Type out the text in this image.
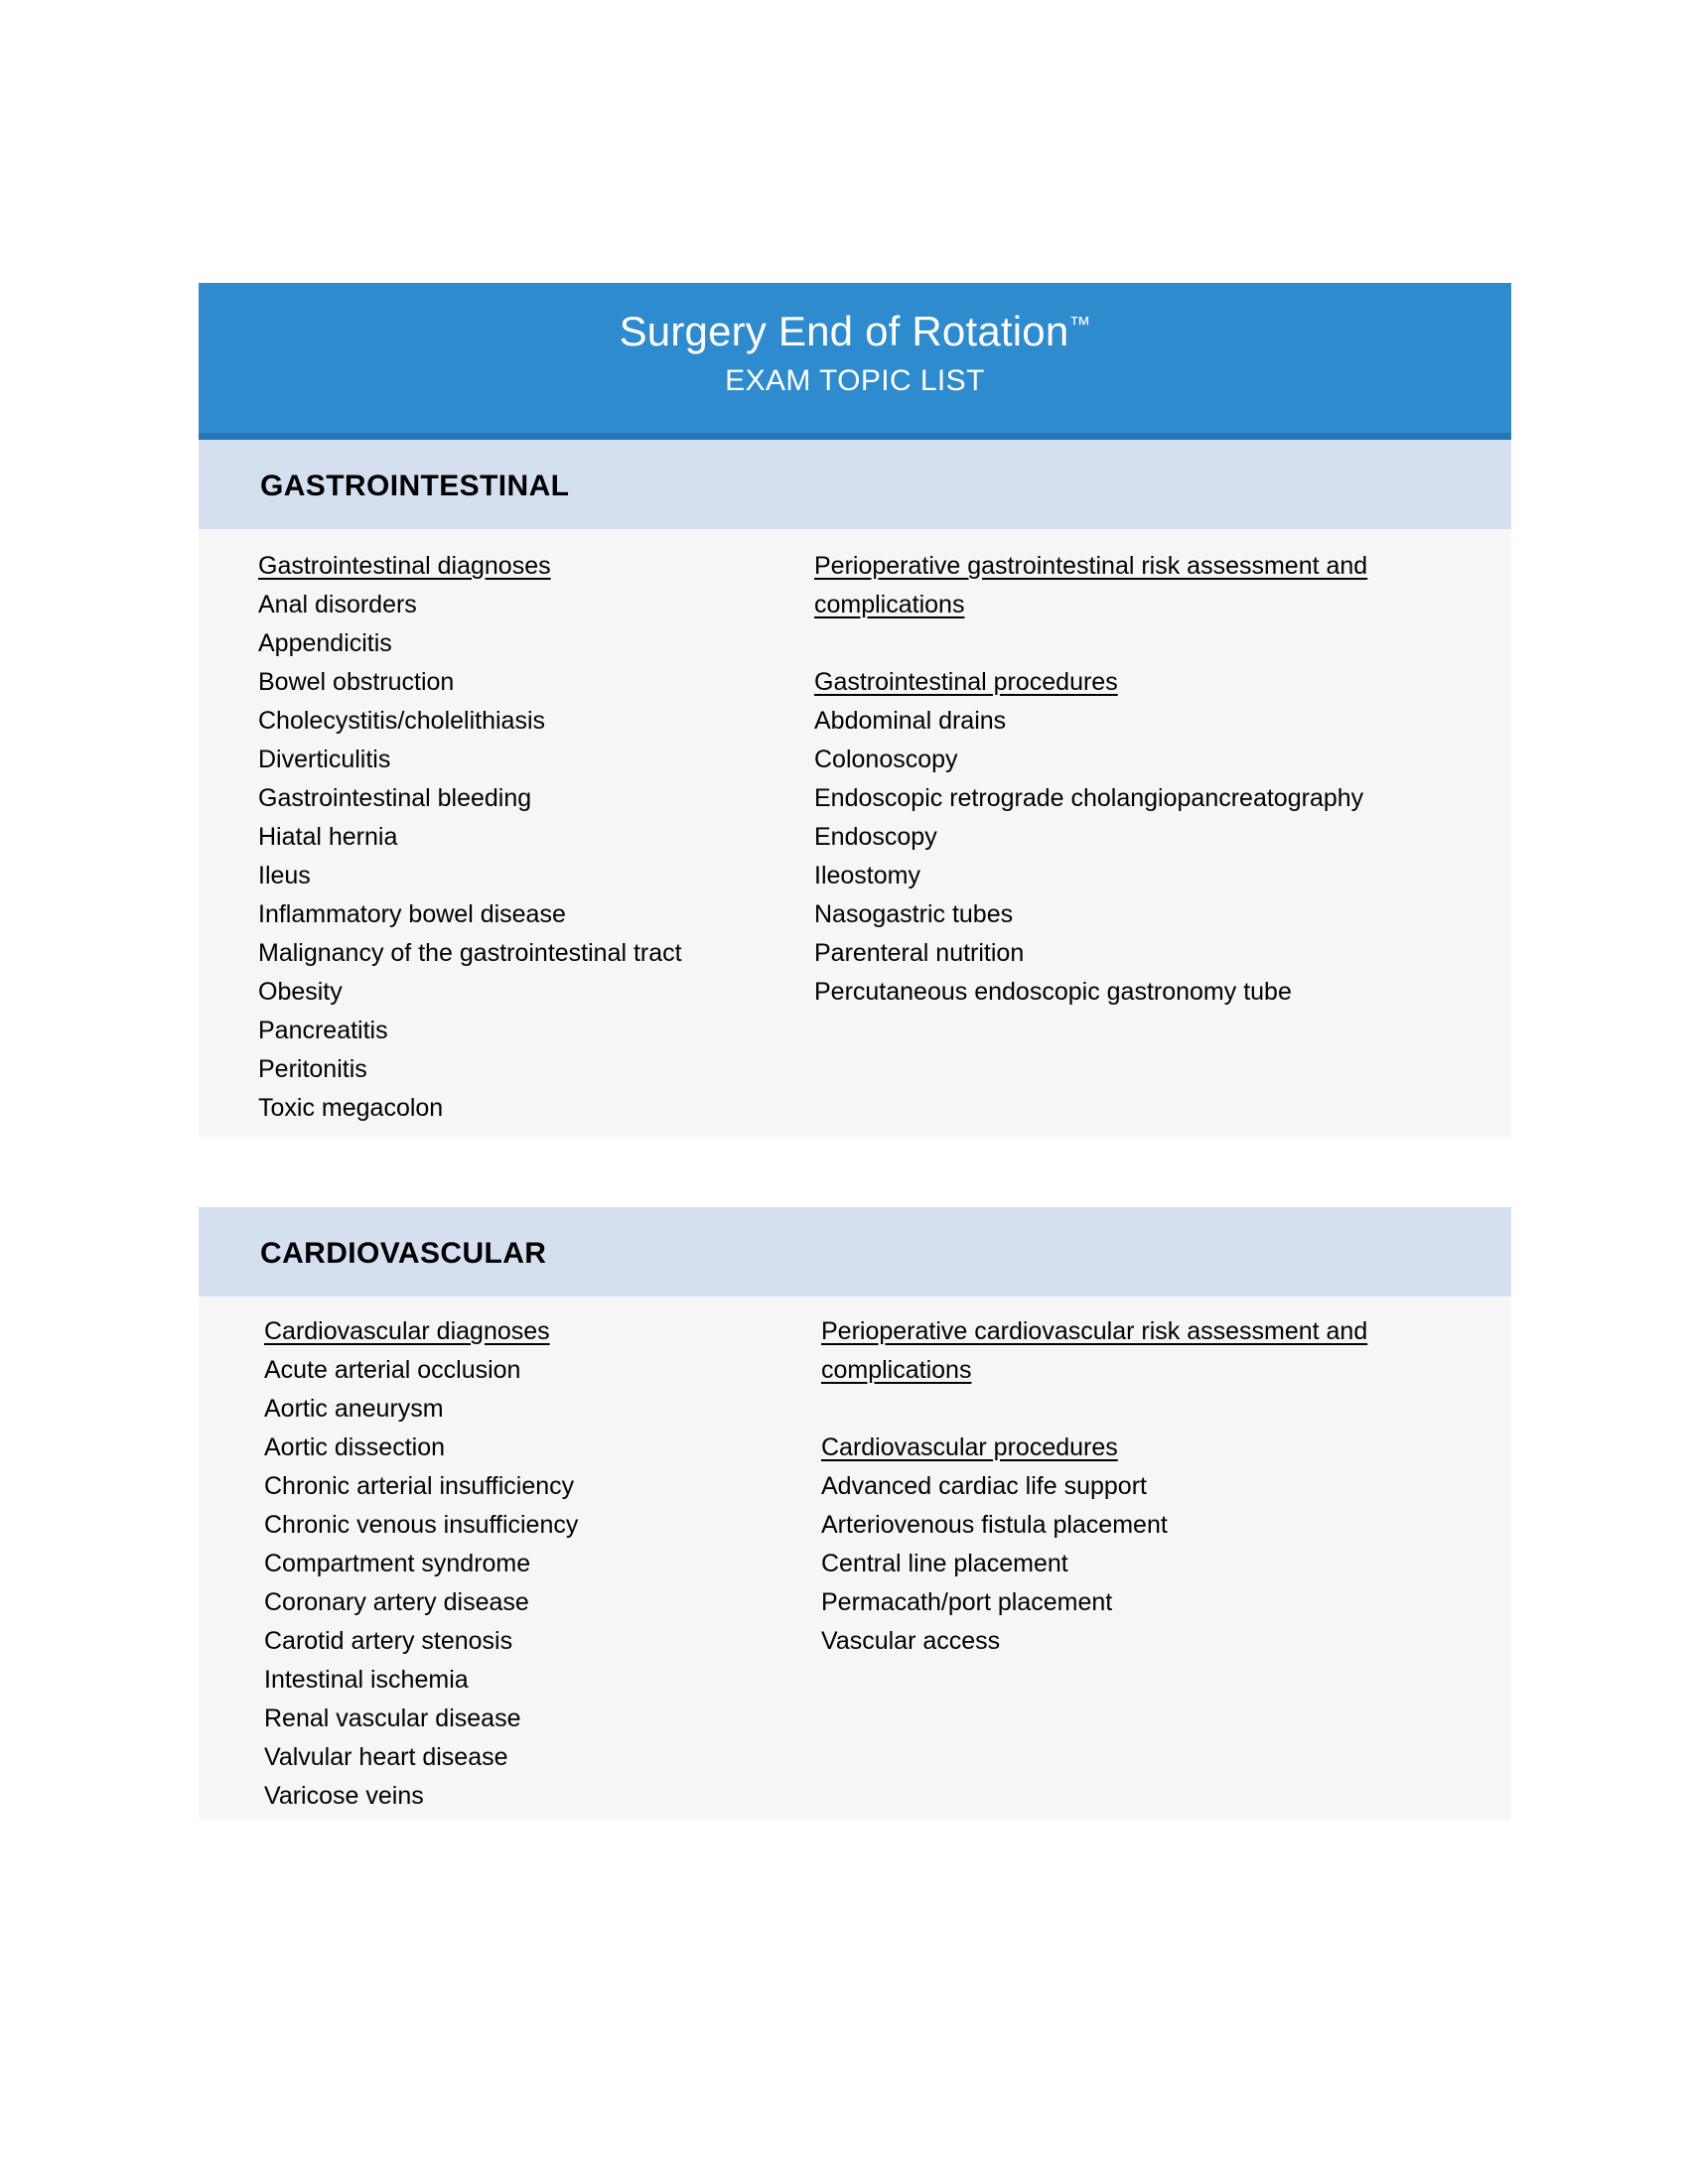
Surgery End of Rotation™
EXAM TOPIC LIST
GASTROINTESTINAL
Gastrointestinal diagnoses
Anal disorders
Appendicitis
Bowel obstruction
Cholecystitis/cholelithiasis
Diverticulitis
Gastrointestinal bleeding
Hiatal hernia
Ileus
Inflammatory bowel disease
Malignancy of the gastrointestinal tract
Obesity
Pancreatitis
Peritonitis
Toxic megacolon
Perioperative gastrointestinal risk assessment and complications
Gastrointestinal procedures
Abdominal drains
Colonoscopy
Endoscopic retrograde cholangiopancreatography
Endoscopy
Ileostomy
Nasogastric tubes
Parenteral nutrition
Percutaneous endoscopic gastronomy tube
CARDIOVASCULAR
Cardiovascular diagnoses
Acute arterial occlusion
Aortic aneurysm
Aortic dissection
Chronic arterial insufficiency
Chronic venous insufficiency
Compartment syndrome
Coronary artery disease
Carotid artery stenosis
Intestinal ischemia
Renal vascular disease
Valvular heart disease
Varicose veins
Perioperative cardiovascular risk assessment and complications
Cardiovascular procedures
Advanced cardiac life support
Arteriovenous fistula placement
Central line placement
Permacath/port placement
Vascular access
